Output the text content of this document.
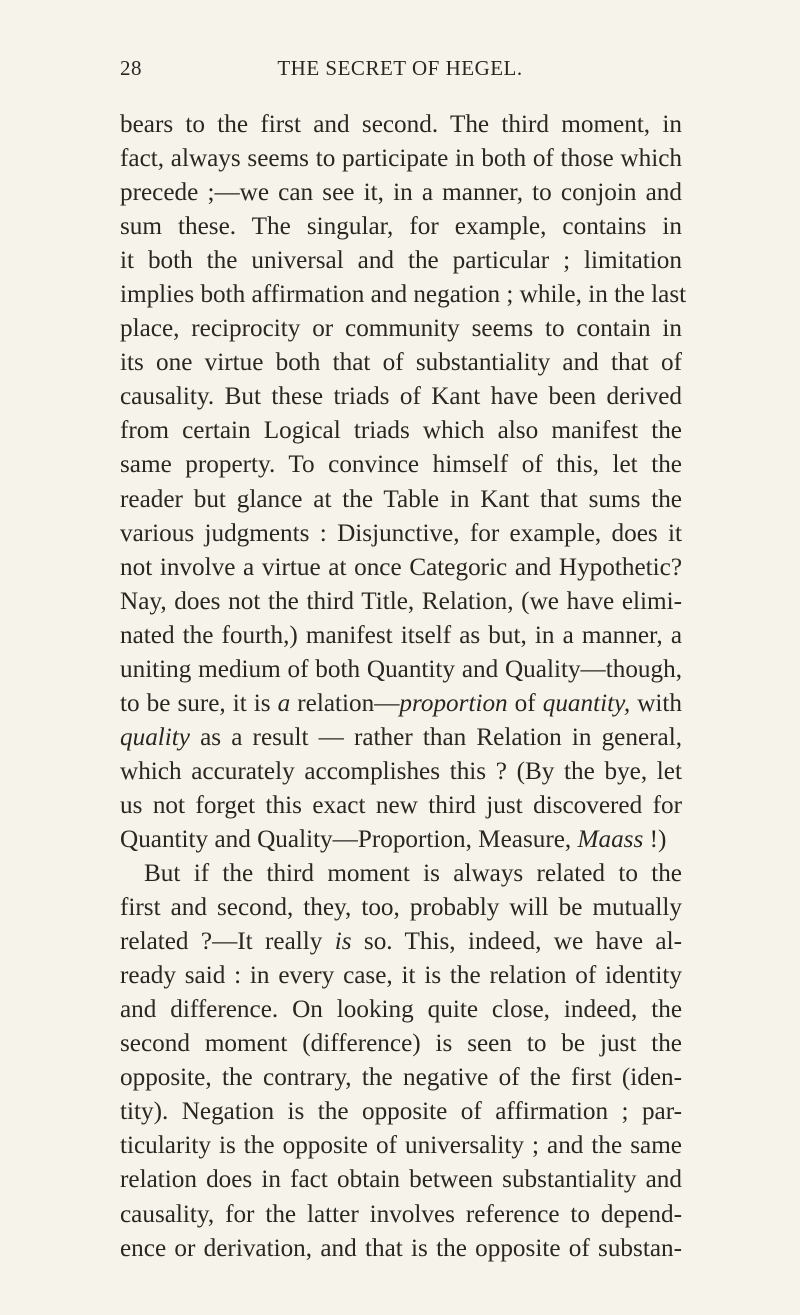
28	THE SECRET OF HEGEL.
bears to the first and second. The third moment, in
fact, always seems to participate in both of those which
precede ;—we can see it, in a manner, to conjoin and
sum these. The singular, for example, contains in
it both the universal and the particular ; limitation
implies both affirmation and negation ; while, in the last
place, reciprocity or community seems to contain in
its one virtue both that of substantiality and that of
causality. But these triads of Kant have been derived
from certain Logical triads which also manifest the
same property. To convince himself of this, let the
reader but glance at the Table in Kant that sums the
various judgments : Disjunctive, for example, does it
not involve a virtue at once Categoric and Hypothetic?
Nay, does not the third Title, Relation, (we have elimi-
nated the fourth,) manifest itself as but, in a manner, a
uniting medium of both Quantity and Quality—though,
to be sure, it is a relation—proportion of quantity, with
quality as a result — rather than Relation in general,
which accurately accomplishes this ? (By the bye, let
us not forget this exact new third just discovered for
Quantity and Quality—Proportion, Measure, Maass !)
But if the third moment is always related to the
first and second, they, too, probably will be mutually
related ?—It really is so. This, indeed, we have al-
ready said : in every case, it is the relation of identity
and difference. On looking quite close, indeed, the
second moment (difference) is seen to be just the
opposite, the contrary, the negative of the first (iden-
tity). Negation is the opposite of affirmation ; par-
ticularity is the opposite of universality ; and the same
relation does in fact obtain between substantiality and
causality, for the latter involves reference to depend-
ence or derivation, and that is the opposite of substan-
